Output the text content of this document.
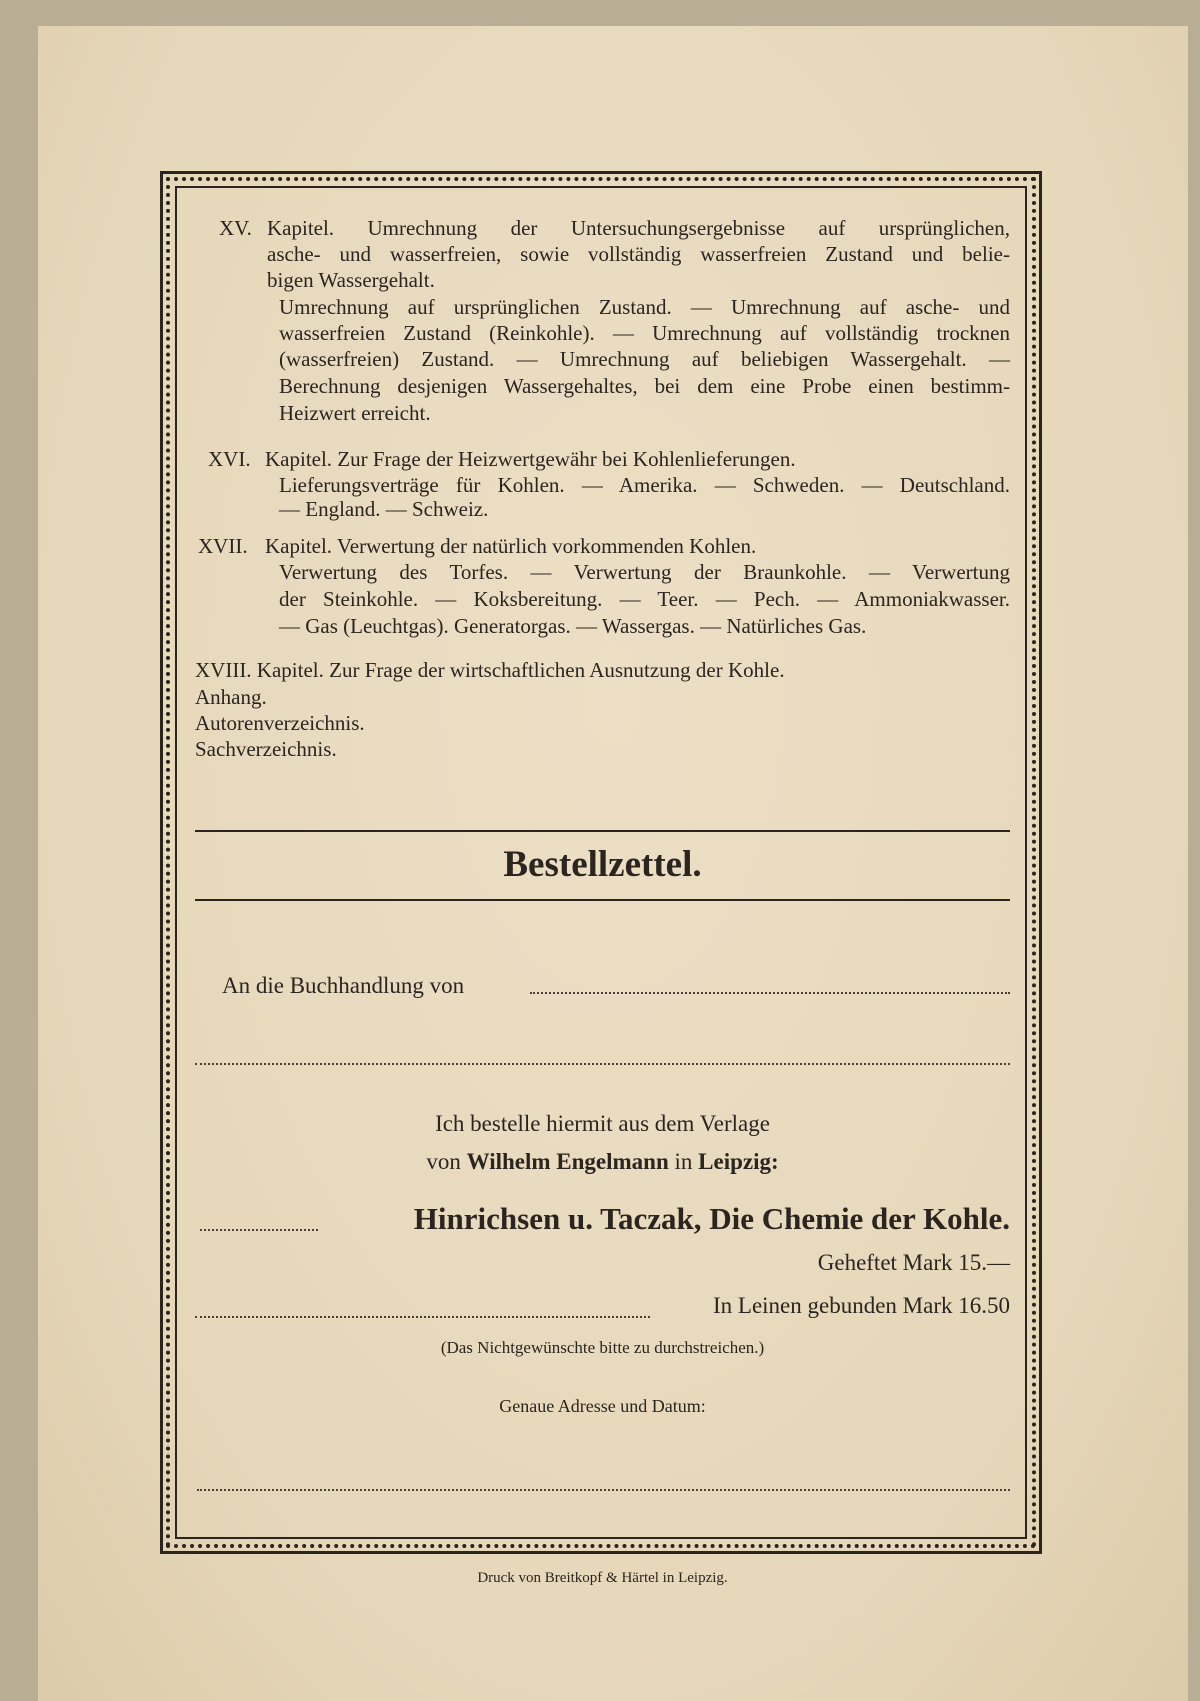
XV. Kapitel. Umrechnung der Untersuchungsergebnisse auf ursprünglichen,
asche- und wasserfreien, sowie vollständig wasserfreien Zustand und belie-
bigen Wassergehalt.
Umrechnung auf ursprünglichen Zustand. — Umrechnung auf asche- und
wasserfreien Zustand (Reinkohle). — Umrechnung auf vollständig trocknen
(wasserfreien) Zustand. — Umrechnung auf beliebigen Wassergehalt. —
Berechnung desjenigen Wassergehaltes, bei dem eine Probe einen bestimm-
Heizwert erreicht.
XVI. Kapitel. Zur Frage der Heizwertgewähr bei Kohlenlieferungen.
Lieferungsverträge für Kohlen. — Amerika. — Schweden. — Deutschland.
— England. — Schweiz.
XVII. Kapitel. Verwertung der natürlich vorkommenden Kohlen.
Verwertung des Torfes. — Verwertung der Braunkohle. — Verwertung
der Steinkohle. — Koksbereitung. — Teer. — Pech. — Ammoniakwasser.
— Gas (Leuchtgas). Generatorgas. — Wassergas. — Natürliches Gas.
XVIII. Kapitel. Zur Frage der wirtschaftlichen Ausnutzung der Kohle.
Anhang.
Autorenverzeichnis.
Sachverzeichnis.
Bestellzettel.
An die Buchhandlung von
Ich bestelle hiermit aus dem Verlage
von Wilhelm Engelmann in Leipzig:
Hinrichsen u. Taczak, Die Chemie der Kohle.
Geheftet Mark 15.—
In Leinen gebunden Mark 16.50
(Das Nichtgewünschte bitte zu durchstreichen.)
Genaue Adresse und Datum:
Druck von Breitkopf & Härtel in Leipzig.
